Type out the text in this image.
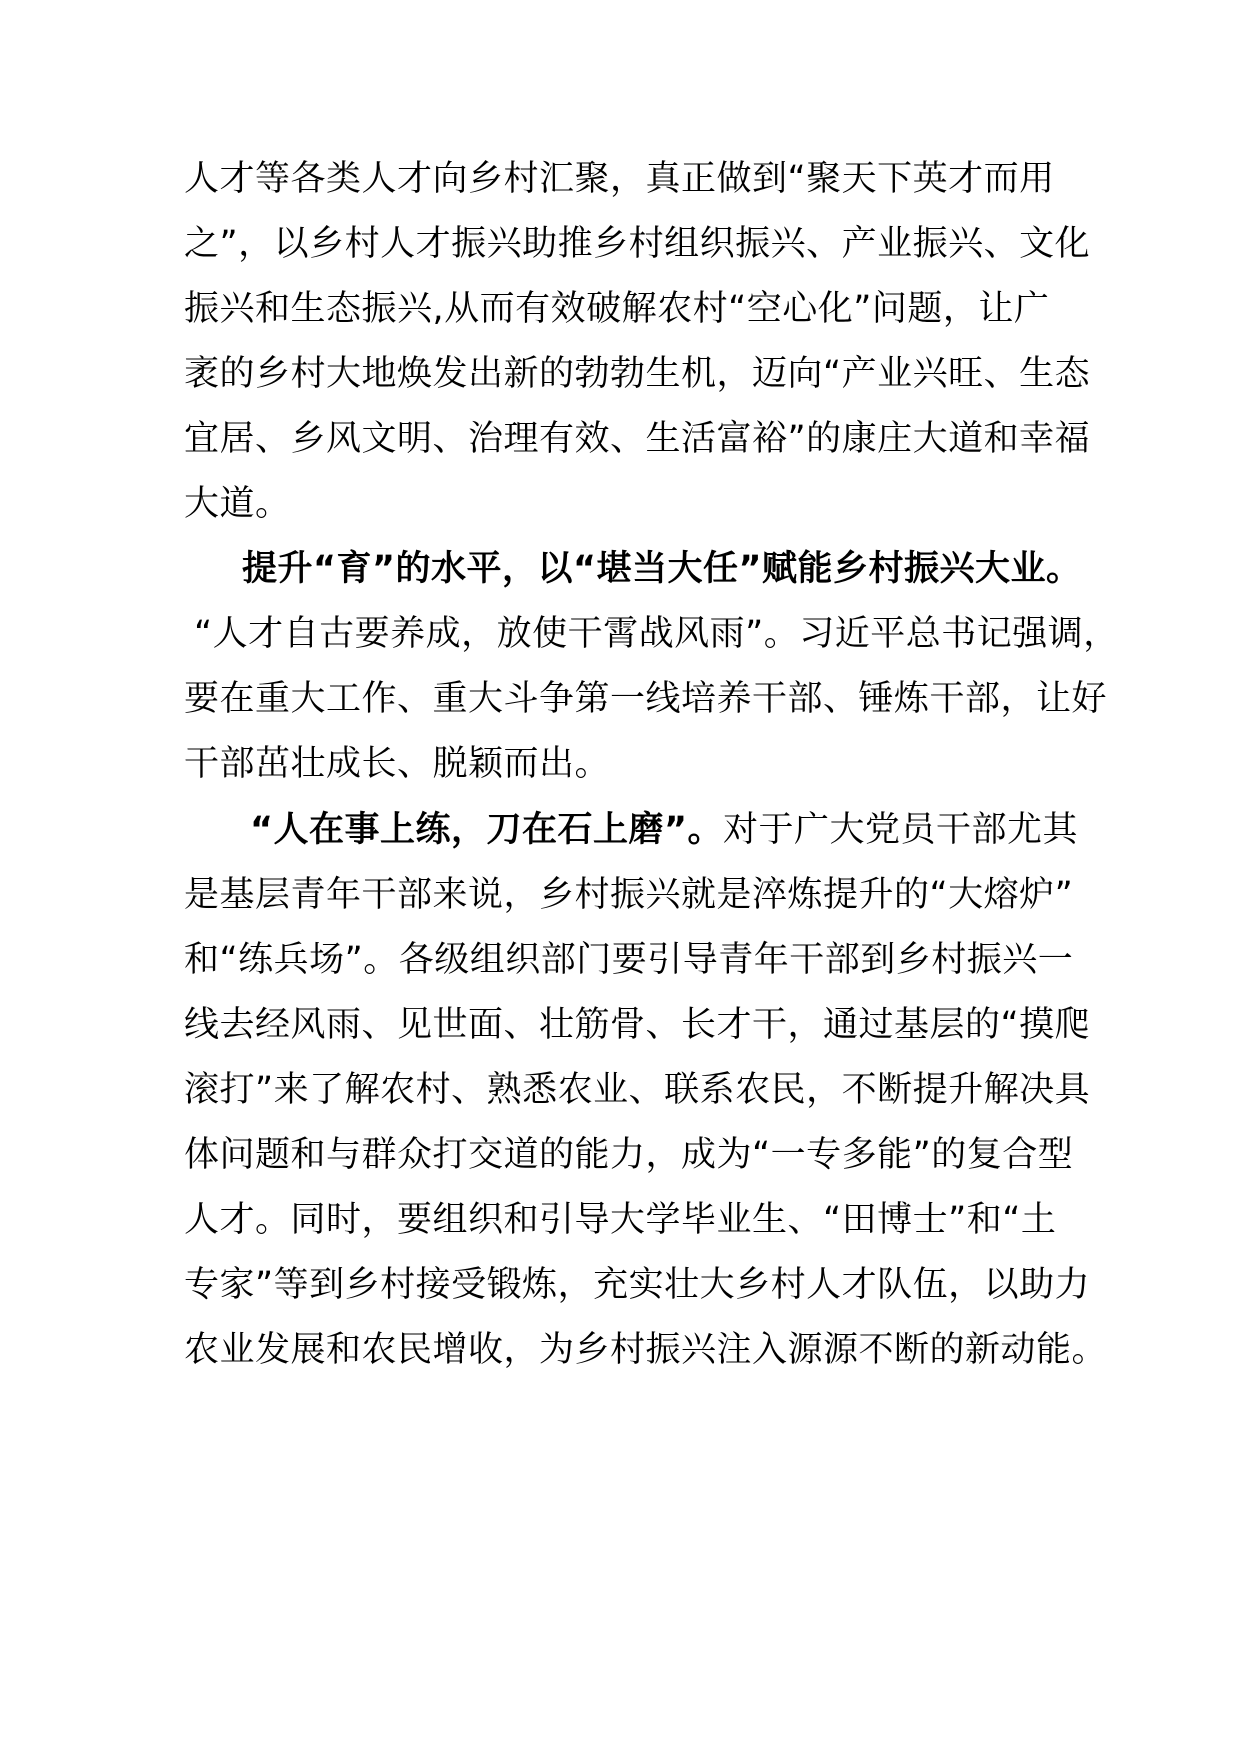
人才等各类人才向乡村汇聚，真正做到“聚天下英才而用
之”，以乡村人才振兴助推乡村组织振兴、产业振兴、文化
振兴和生态振兴,从而有效破解农村“空心化”问题，让广
袤的乡村大地焕发出新的勃勃生机，迈向“产业兴旺、生态
宜居、乡风文明、治理有效、生活富裕”的康庄大道和幸福
大道。
提升“育”的水平，以“堪当大任”赋能乡村振兴大业。
“人才自古要养成，放使干霄战风雨”。习近平总书记强调，
要在重大工作、重大斗争第一线培养干部、锤炼干部，让好
干部茁壮成长、脱颖而出。
“人在事上练，刀在石上磨”。对于广大党员干部尤其
是基层青年干部来说，乡村振兴就是淬炼提升的“大熔炉”
和“练兵场”。各级组织部门要引导青年干部到乡村振兴一
线去经风雨、见世面、壮筋骨、长才干，通过基层的“摸爬
滚打”来了解农村、熟悉农业、联系农民，不断提升解决具
体问题和与群众打交道的能力，成为“一专多能”的复合型
人才。同时，要组织和引导大学毕业生、“田博士”和“土
专家”等到乡村接受锻炼，充实壮大乡村人才队伍，以助力
农业发展和农民增收，为乡村振兴注入源源不断的新动能。
